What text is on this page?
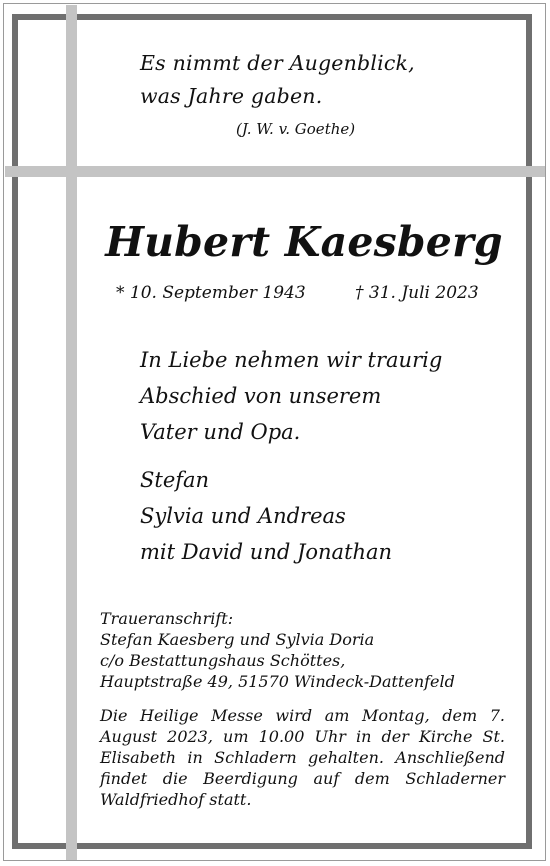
Es nimmt der Augenblick,
was Jahre gaben.
(J. W. v. Goethe)
Hubert Kaesberg
* 10. September 1943	† 31. Juli 2023
In Liebe nehmen wir traurig
Abschied von unserem
Vater und Opa.
Stefan
Sylvia und Andreas
mit David und Jonathan
Traueranschrift:
Stefan Kaesberg und Sylvia Doria
c/o Bestattungshaus Schöttes,
Hauptstraße 49, 51570 Windeck-Dattenfeld
Die Heilige Messe wird am Montag, dem 7. August 2023, um 10.00 Uhr in der Kirche St. Elisabeth in Schladern gehalten. Anschließend findet die Beerdigung auf dem Schladerner Waldfriedhof statt.
